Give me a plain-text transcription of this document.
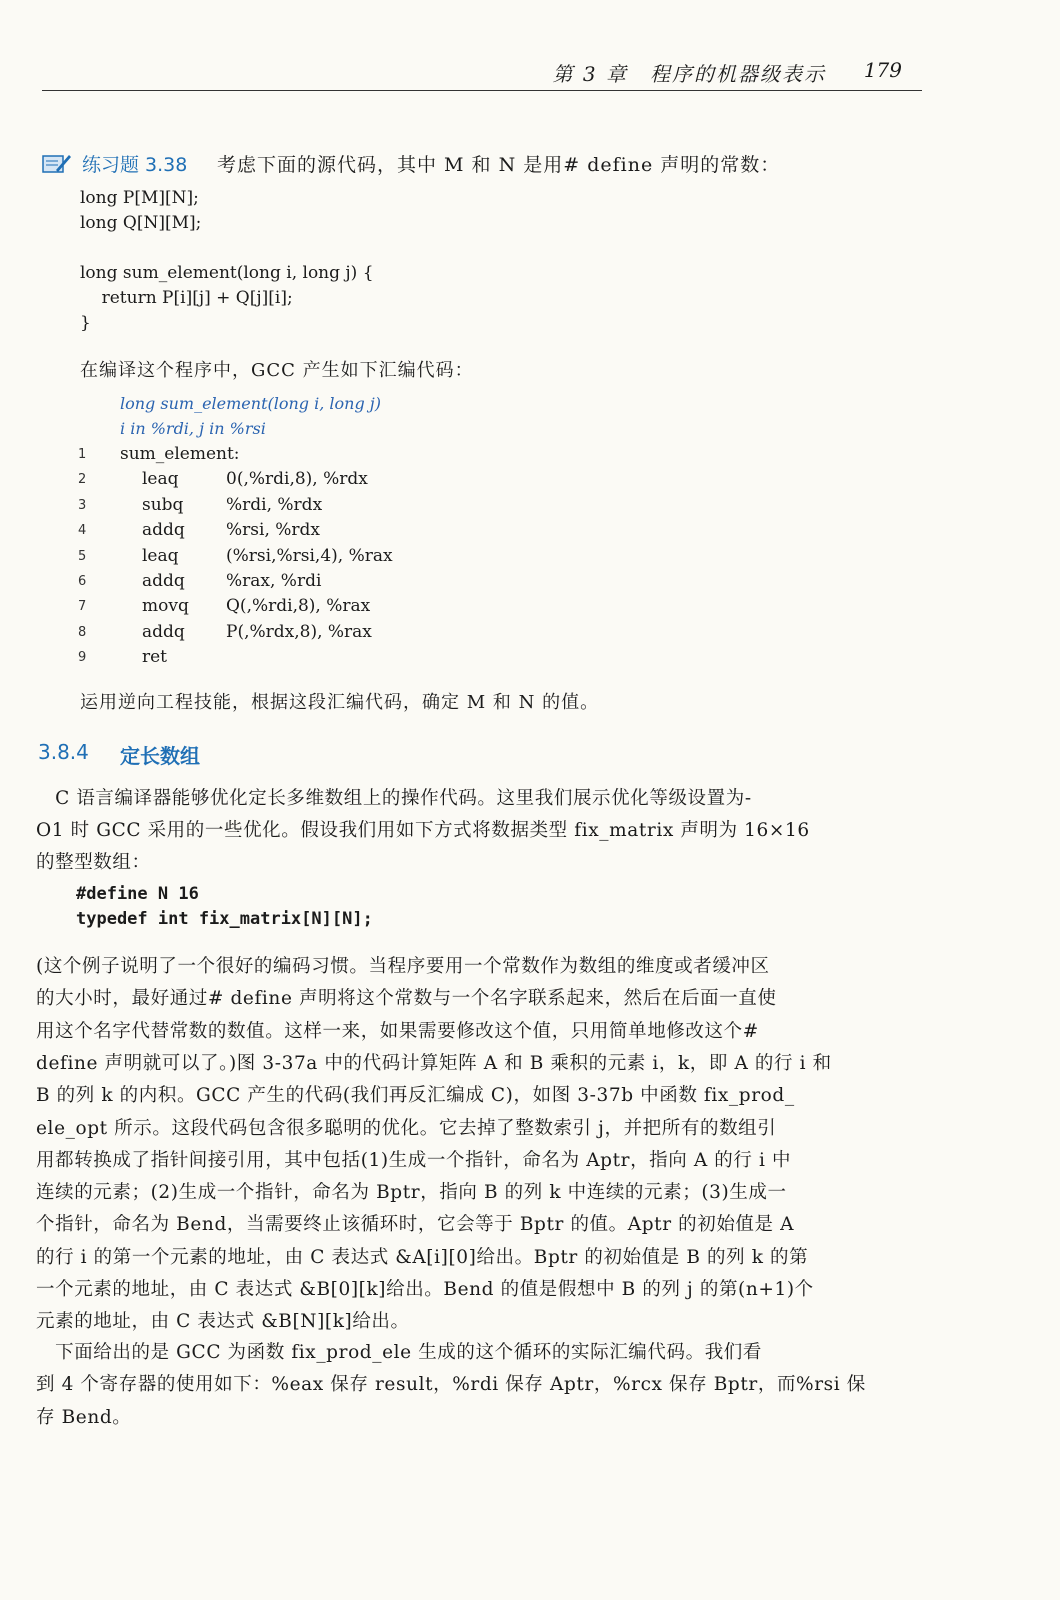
第 3 章　程序的机器级表示 179
练习题 3.38 考虑下面的源代码，其中 M 和 N 是用# define 声明的常数：
long P[M][N];
long Q[N][M];
long sum_element(long i, long j) {
return P[i][j] + Q[j][i];
}
在编译这个程序中，GCC 产生如下汇编代码：
long sum_element(long i, long j)
i in %rdi, j in %rsi
1	sum_element:
2	leaq	0(,%rdi,8), %rdx
3	subq	%rdi, %rdx
4	addq %rsi, %rdx
5	leaq	(%rsi,%rsi,4), %rax
6	addq %rax, %rdi
7	movq Q(,%rdi,8), %rax
8	addq P(,%rdx,8), %rax
9	ret
运用逆向工程技能，根据这段汇编代码，确定 M 和 N 的值。
3.8.4 定长数组
　C 语言编译器能够优化定长多维数组上的操作代码。这里我们展示优化等级设置为-
O1 时 GCC 采用的一些优化。假设我们用如下方式将数据类型 fix_matrix 声明为 16×16
的整型数组：
#define N 16
typedef int fix_matrix[N][N];
(这个例子说明了一个很好的编码习惯。当程序要用一个常数作为数组的维度或者缓冲区
的大小时，最好通过# define 声明将这个常数与一个名字联系起来，然后在后面一直使
用这个名字代替常数的数值。这样一来，如果需要修改这个值，只用简单地修改这个#
define 声明就可以了。)图 3-37a 中的代码计算矩阵 A 和 B 乘积的元素 i，k，即 A 的行 i 和
B 的列 k 的内积。GCC 产生的代码(我们再反汇编成 C)，如图 3-37b 中函数 fix_prod_
ele_opt 所示。这段代码包含很多聪明的优化。它去掉了整数索引 j，并把所有的数组引
用都转换成了指针间接引用，其中包括(1)生成一个指针，命名为 Aptr，指向 A 的行 i 中
连续的元素；(2)生成一个指针，命名为 Bptr，指向 B 的列 k 中连续的元素；(3)生成一
个指针，命名为 Bend，当需要终止该循环时，它会等于 Bptr 的值。Aptr 的初始值是 A
的行 i 的第一个元素的地址，由 C 表达式 &A[i][0]给出。Bptr 的初始值是 B 的列 k 的第
一个元素的地址，由 C 表达式 &B[0][k]给出。Bend 的值是假想中 B 的列 j 的第(n+1)个
元素的地址，由 C 表达式 &B[N][k]给出。
　下面给出的是 GCC 为函数 fix_prod_ele 生成的这个循环的实际汇编代码。我们看
到 4 个寄存器的使用如下：%eax 保存 result，%rdi 保存 Aptr，%rcx 保存 Bptr，而%rsi 保
存 Bend。
